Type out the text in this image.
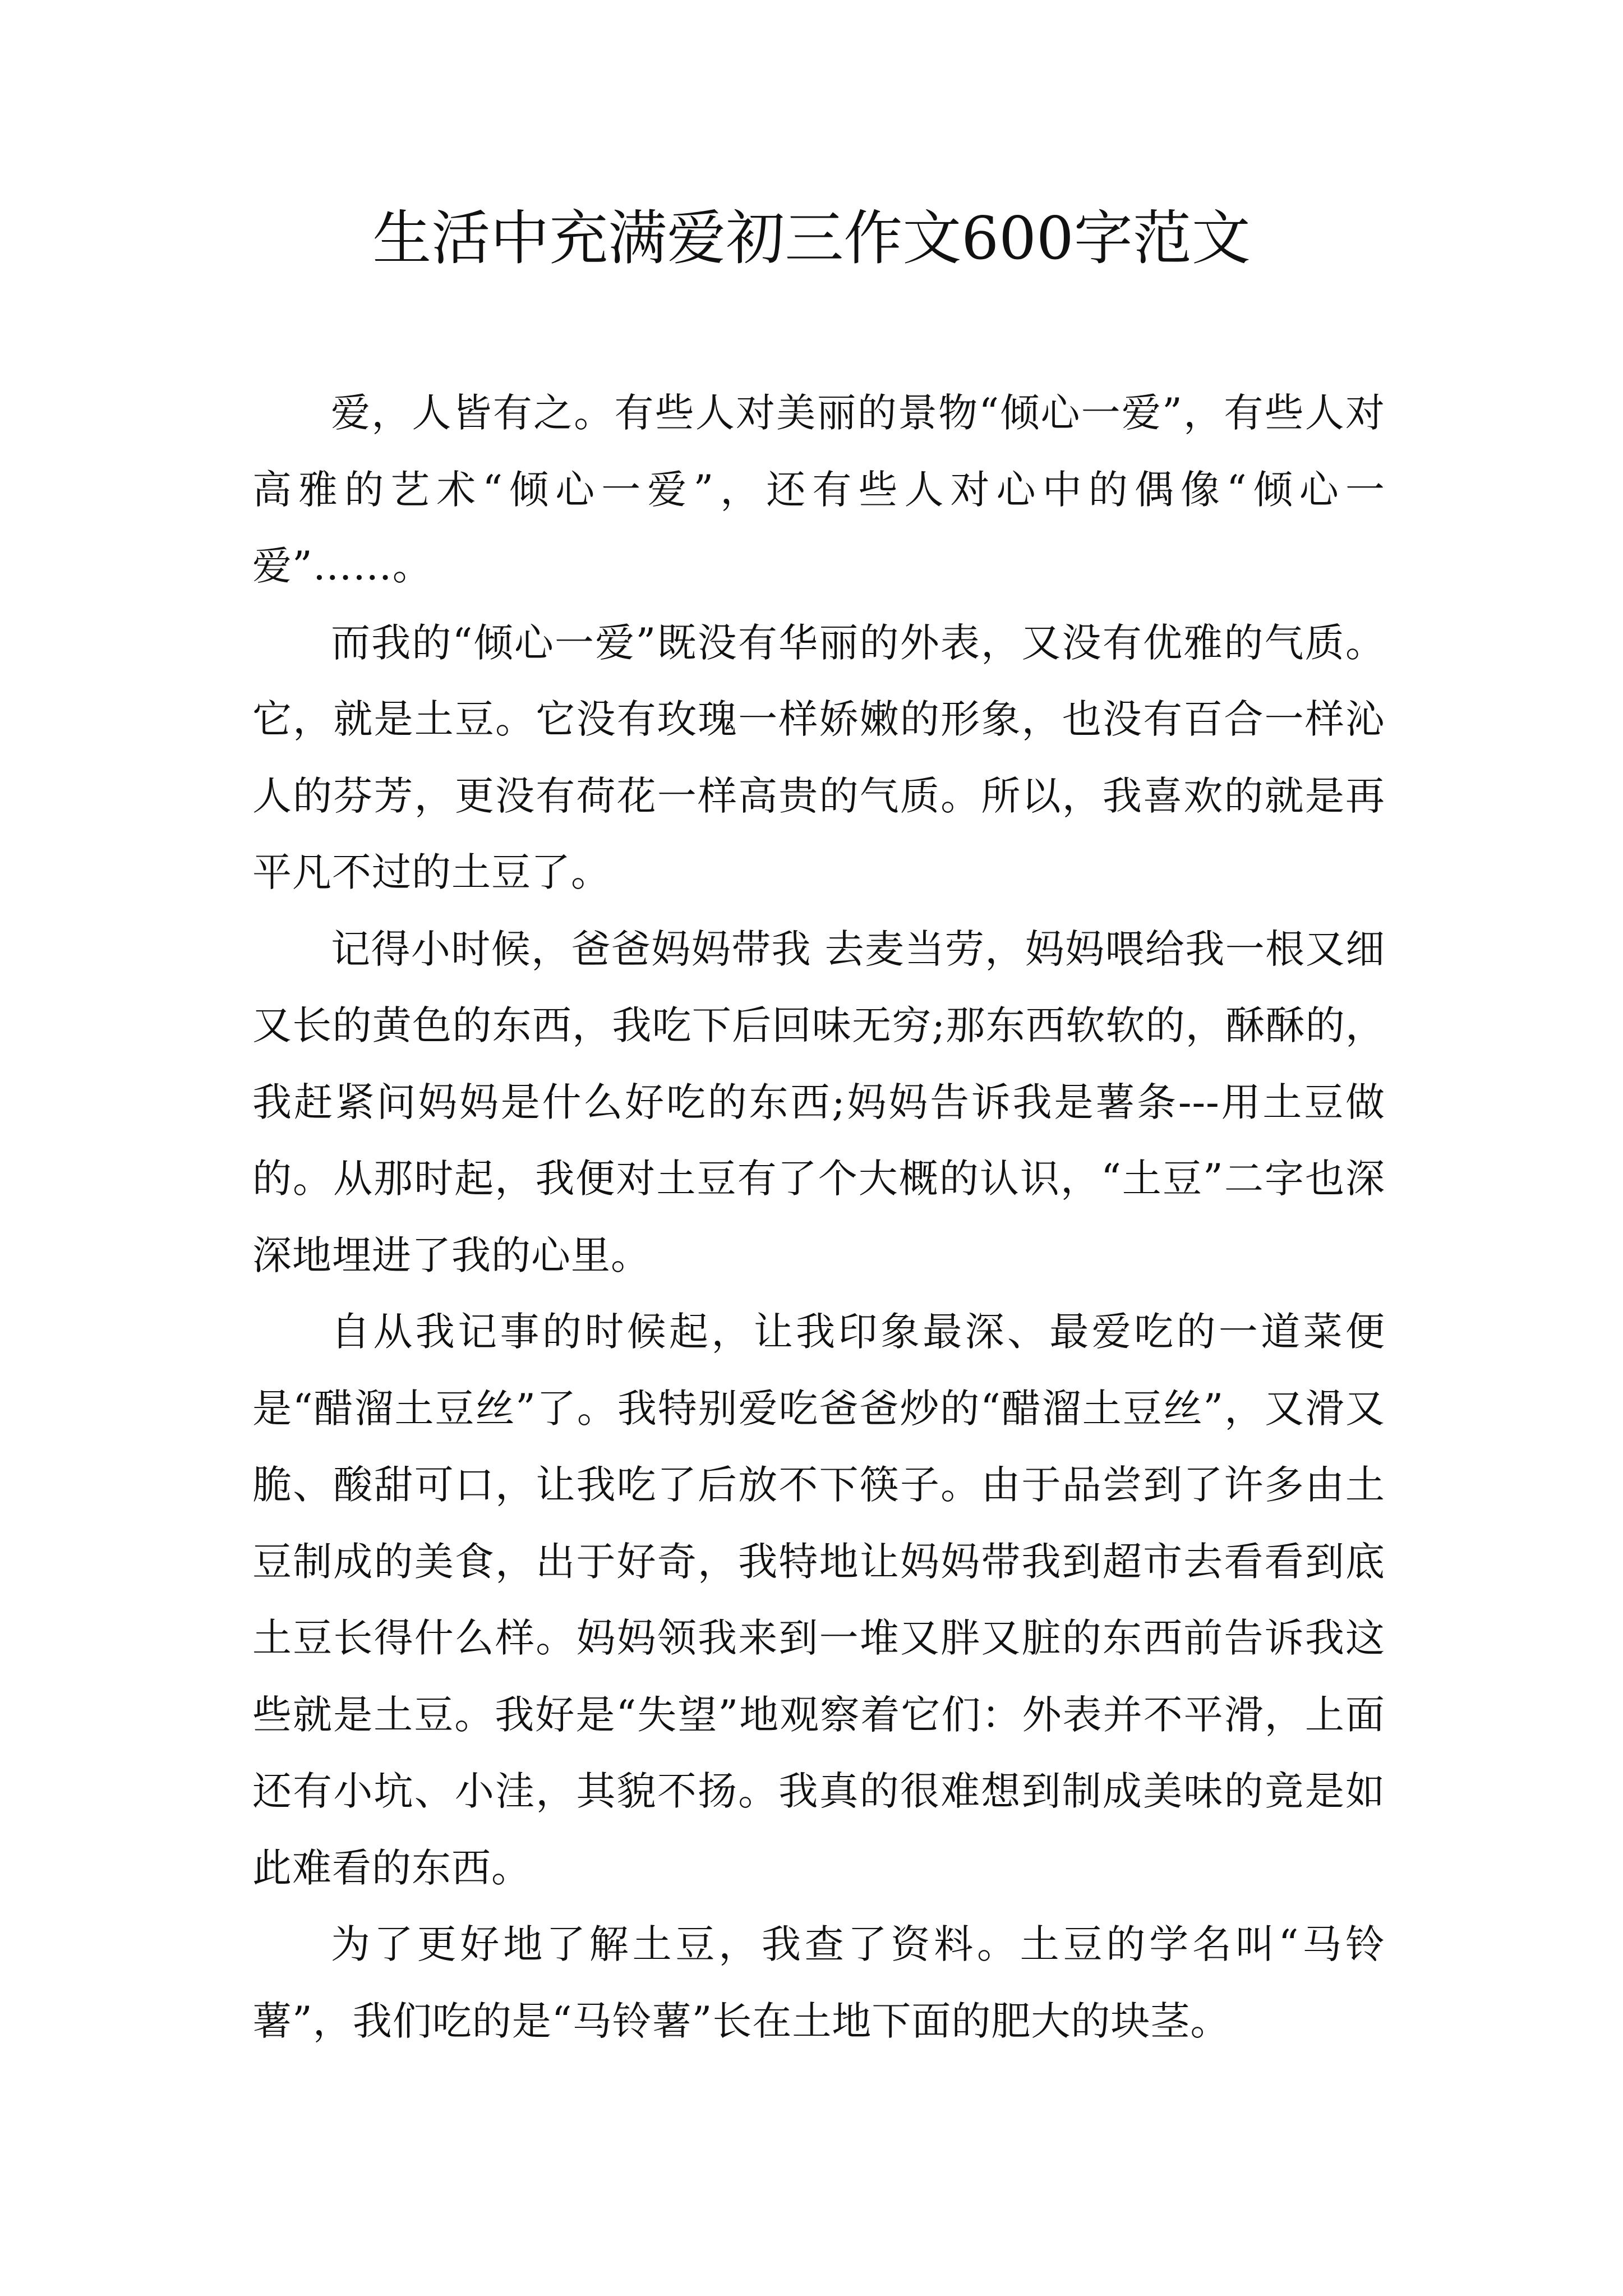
生活中充满爱初三作文600字范文

爱，人皆有之。有些人对美丽的景物“倾心一爱”，有些人对高雅的艺术“倾心一爱”，还有些人对心中的偶像“倾心一爱”……。

而我的“倾心一爱”既没有华丽的外表，又没有优雅的气质。它，就是土豆。它没有玫瑰一样娇嫩的形象，也没有百合一样沁人的芬芳，更没有荷花一样高贵的气质。所以，我喜欢的就是再平凡不过的土豆了。

记得小时候，爸爸妈妈带我 去麦当劳，妈妈喂给我一根又细又长的黄色的东西，我吃下后回味无穷;那东西软软的，酥酥的，我赶紧问妈妈是什么好吃的东西;妈妈告诉我是薯条---用土豆做的。从那时起，我便对土豆有了个大概的认识，“土豆”二字也深深地埋进了我的心里。

自从我记事的时候起，让我印象最深、最爱吃的一道菜便是“醋溜土豆丝”了。我特别爱吃爸爸炒的“醋溜土豆丝”，又滑又脆、酸甜可口，让我吃了后放不下筷子。由于品尝到了许多由土豆制成的美食，出于好奇，我特地让妈妈带我到超市去看看到底土豆长得什么样。妈妈领我来到一堆又胖又脏的东西前告诉我这些就是土豆。我好是“失望”地观察着它们：外表并不平滑，上面还有小坑、小洼，其貌不扬。我真的很难想到制成美味的竟是如此难看的东西。

为了更好地了解土豆，我查了资料。土豆的学名叫“马铃薯”，我们吃的是“马铃薯”长在土地下面的肥大的块茎。
